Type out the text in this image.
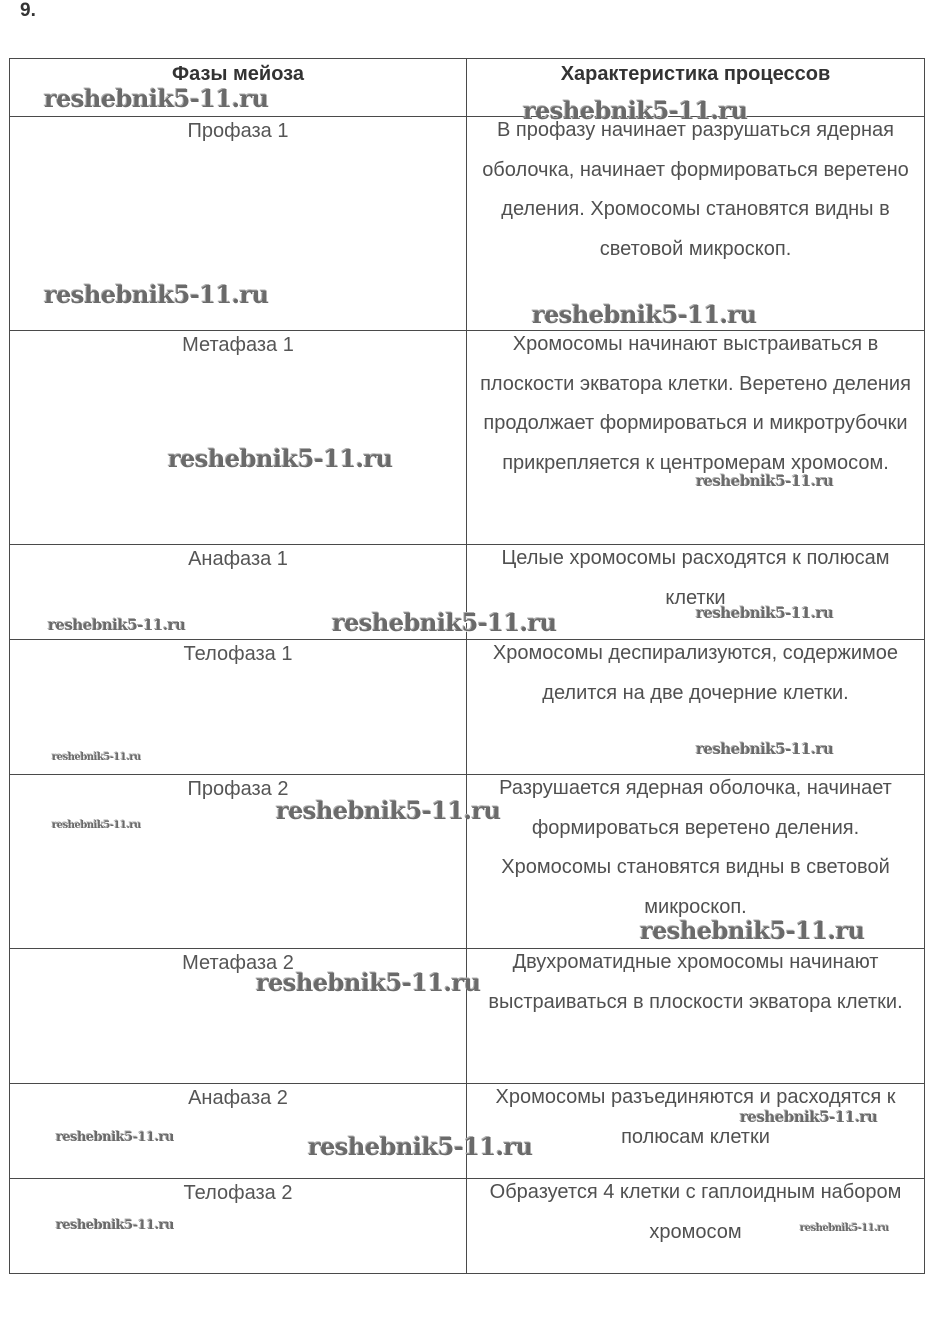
9.
Фазы мейоза	Характеристика процессов
Профаза 1	В профазу начинает разрушаться ядерная оболочка, начинает формироваться веретено деления. Хромосомы становятся видны в световой микроскоп.

Метафаза 1	Хромосомы начинают выстраиваться в плоскости экватора клетки. Веретено деления продолжает формироваться и микротрубочки прикрепляется к центромерам хромосом.

Анафаза 1	Целые хромосомы расходятся к полюсам клетки

Телофаза 1	Хромосомы деспирализуются, содержимое делится на две дочерние клетки.

Профаза 2	Разрушается ядерная оболочка, начинает формироваться веретено деления. Хромосомы становятся видны в световой микроскоп.

Метафаза 2	Двухроматидные хромосомы начинают выстраиваться в плоскости экватора клетки.

Анафаза 2	Хромосомы разъединяются и расходятся к полюсам клетки

Телофаза 2	Образуется 4 клетки с гаплоидным набором хромосом
reshebnik5-11.ru	reshebnik5-11.ru
reshebnik5-11.ru
reshebnik5-11.ru
reshebnik5-11.ru
reshebnik5-11.ru
reshebnik5-11.ru
reshebnik5-11.ru
reshebnik5-11.ru
reshebnik5-11.ru
reshebnik5-11.ru
reshebnik5-11.ru
reshebnik5-11.ru
reshebnik5-11.ru
reshebnik5-11.ru
reshebnik5-11.ru
reshebnik5-11.ru	reshebnik5-11.ru
reshebnik5-11.ru	reshebnik5-11.ru
